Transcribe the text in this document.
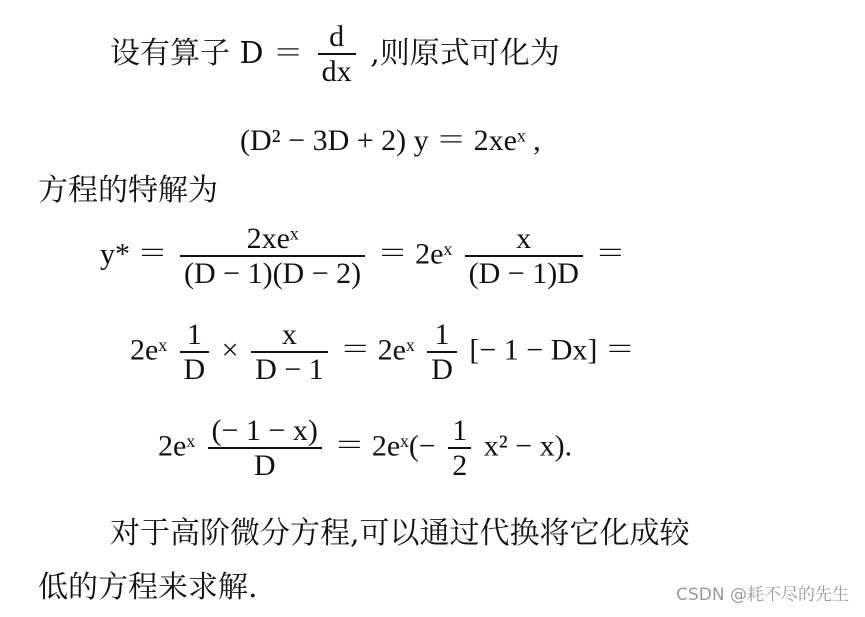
设有算子 $D = \frac{d}{dx}$ ,则原式可化为
(D² − 3D + 2) y ＝ 2xeˣ ,
方程的特解为
$y* = \frac{\text{2xeˣ}}{(D - 1)(D - 2)}$ ＝ 2eˣ $\frac{x}{(D - 1)D}$ ＝
2eˣ $\frac{1}{D} \times \frac{x}{D - 1}$ ＝ 2eˣ $\frac{1}{D}$ [− 1 − Dx] ＝
2eˣ $\frac{(- 1 - x)}{D}$ ＝ 2eˣ(− $\frac{1}{2} x^2 - x$).
对于高阶微分方程,可以通过代换将它化成较
低的方程来求解.	CSDN @耗不尽的先生
